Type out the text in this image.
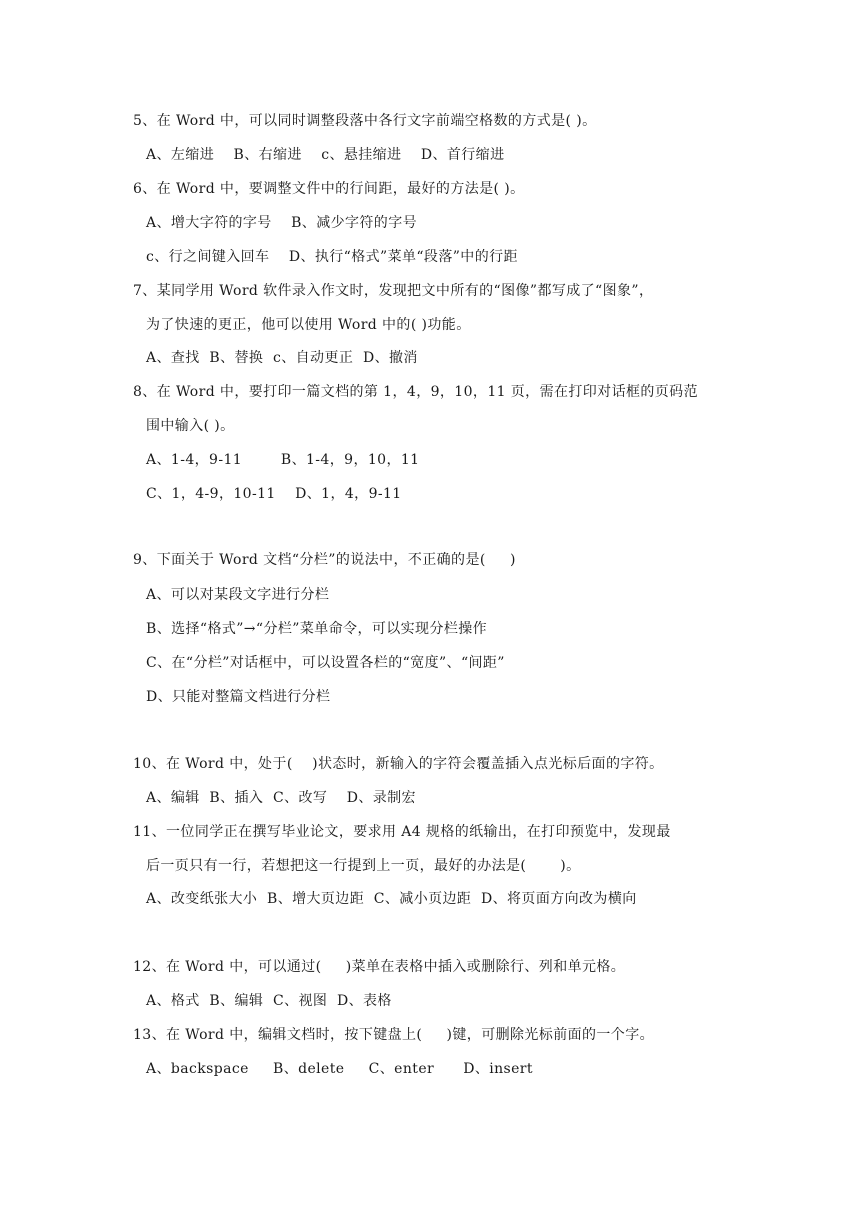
5、在 Word 中，可以同时调整段落中各行文字前端空格数的方式是( )。
A、左缩进    B、右缩进    c、悬挂缩进    D、首行缩进
6、在 Word 中，要调整文件中的行间距，最好的方法是( )。
A、增大字符的字号    B、减少字符的字号
c、行之间键入回车    D、执行“格式”菜单“段落”中的行距
7、某同学用 Word 软件录入作文时，发现把文中所有的“图像”都写成了“图象”，
为了快速的更正，他可以使用 Word 中的( )功能。
A、查找  B、替换  c、自动更正  D、撤消
8、在 Word 中，要打印一篇文档的第 1，4，9，10，11 页，需在打印对话框的页码范
围中输入( )。
A、1-4，9-11        B、1-4，9，10，11
C、1，4-9，10-11    D、1，4，9-11
9、下面关于 Word 文档“分栏”的说法中，不正确的是(     )
A、可以对某段文字进行分栏
B、选择“格式”→“分栏”菜单命令，可以实现分栏操作
C、在“分栏”对话框中，可以设置各栏的“宽度”、“间距”
D、只能对整篇文档进行分栏
10、在 Word 中，处于(    )状态时，新输入的字符会覆盖插入点光标后面的字符。
A、编辑  B、插入  C、改写    D、录制宏
11、一位同学正在撰写毕业论文，要求用 A4 规格的纸输出，在打印预览中，发现最
后一页只有一行，若想把这一行提到上一页，最好的办法是(       )。
A、改变纸张大小  B、增大页边距  C、减小页边距  D、将页面方向改为横向
12、在 Word 中，可以通过(     )菜单在表格中插入或删除行、列和单元格。
A、格式  B、编辑  C、视图  D、表格
13、在 Word 中，编辑文档时，按下键盘上(     )键，可删除光标前面的一个字。
A、backspace     B、delete     C、enter      D、insert
